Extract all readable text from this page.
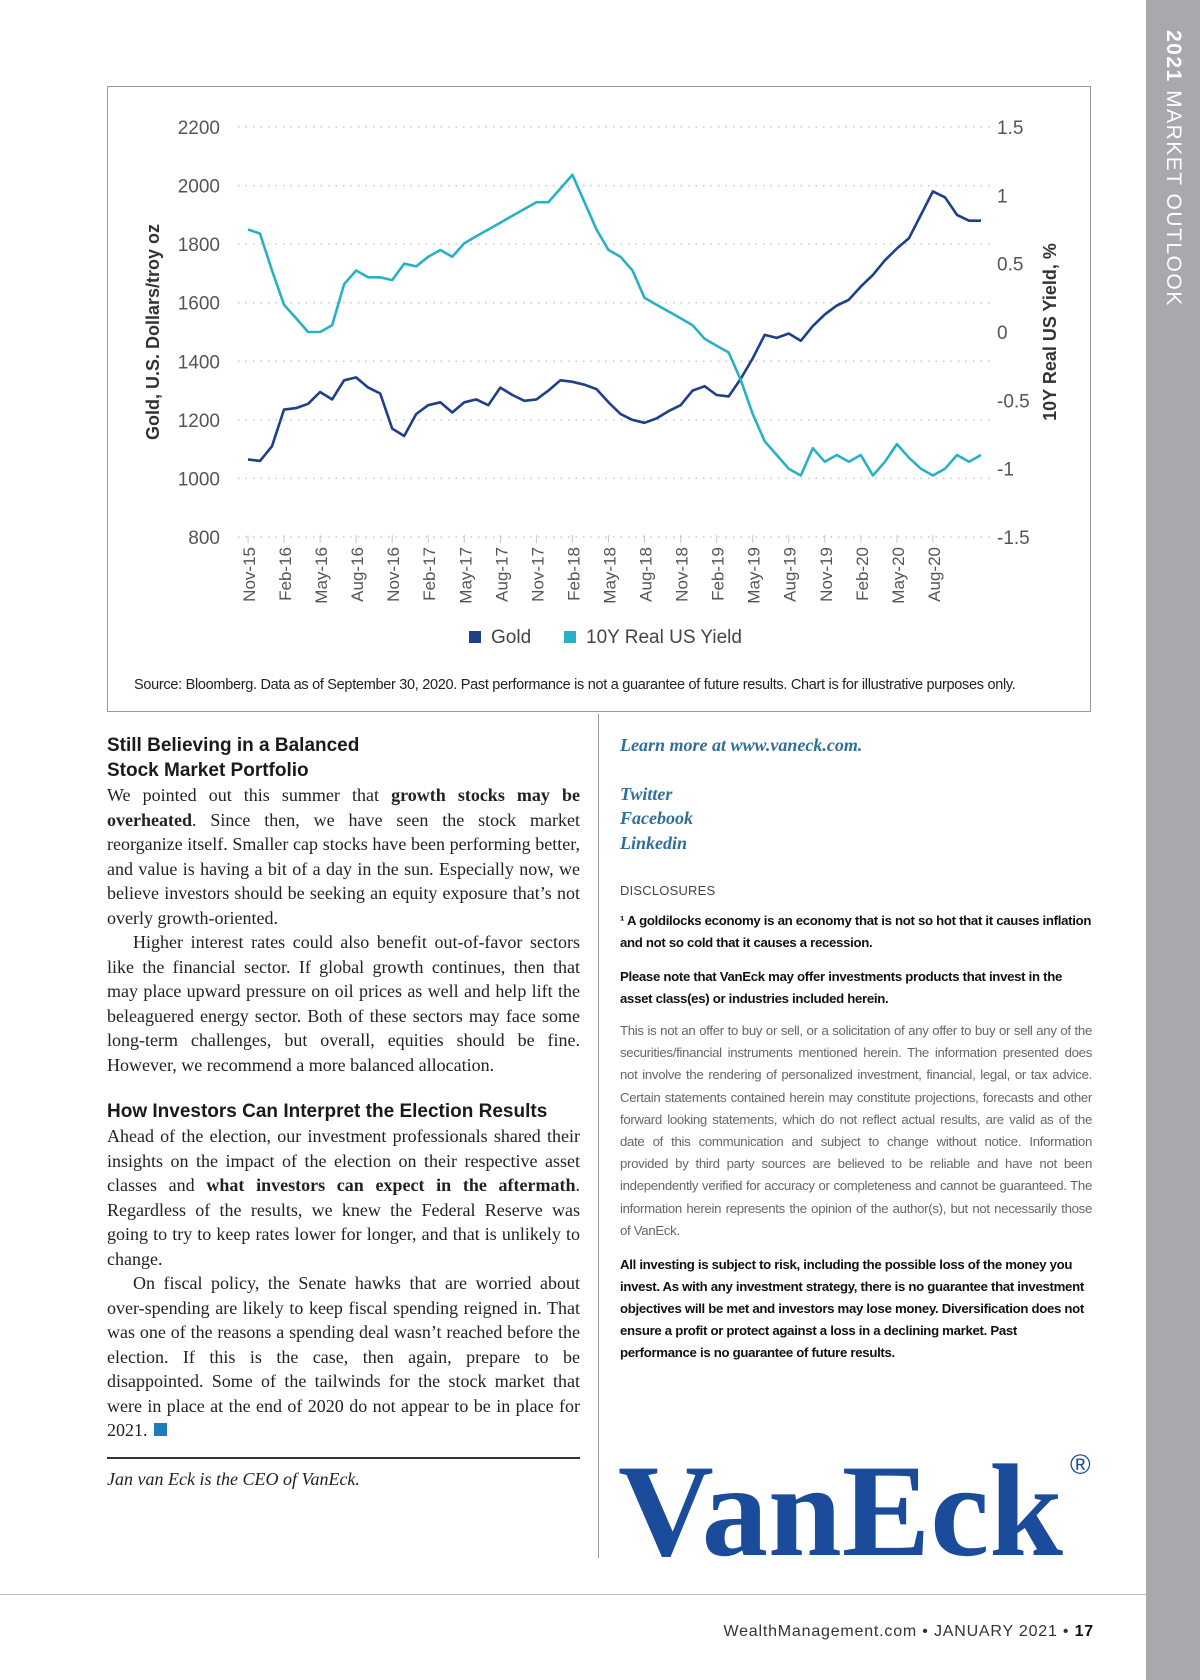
2021 MARKET OUTLOOK
2200
2000
1800
1600
1400
1200
1000
800
1.5
1
0.5
0
-0.5
-1
-1.5
Gold, U.S. Dollars/troy oz	10Y Real US Yield, %
Nov-15 Feb-16 May-16 Aug-16 Nov-16 Feb-17 May-17 Aug-17 Nov-17 Feb-18 May-18 Aug-18 Nov-18 Feb-19 May-19 Aug-19 Nov-19 Feb-20 May-20 Aug-20
Gold	10Y Real US Yield
Source: Bloomberg. Data as of September 30, 2020. Past performance is not a guarantee of future results. Chart is for illustrative purposes only.
Still Believing in a Balanced
Stock Market Portfolio

We pointed out this summer that growth stocks may be overheated. Since then, we have seen the stock market reorganize itself. Smaller cap stocks have been performing better, and value is having a bit of a day in the sun. Especially now, we believe investors should be seeking an equity exposure that’s not overly growth-oriented.

Higher interest rates could also benefit out-of-favor sectors like the financial sector. If global growth continues, then that may place upward pressure on oil prices as well and help lift the beleaguered energy sector. Both of these sectors may face some long-term challenges, but overall, equities should be fine. However, we recommend a more balanced allocation.

How Investors Can Interpret the Election Results

Ahead of the election, our investment professionals shared their insights on the impact of the election on their respective asset classes and what investors can expect in the aftermath. Regardless of the results, we knew the Federal Reserve was going to try to keep rates lower for longer, and that is unlikely to change.

On fiscal policy, the Senate hawks that are worried about over-spending are likely to keep fiscal spending reigned in. That was one of the reasons a spending deal wasn’t reached before the election. If this is the case, then again, prepare to be disappointed. Some of the tailwinds for the stock market that were in place at the end of 2020 do not appear to be in place for 2021.

Jan van Eck is the CEO of VanEck.
Learn more at www.vaneck.com.
Twitter
Facebook
Linkedin
DISCLOSURES
¹ A goldilocks economy is an economy that is not so hot that it causes inflation and not so cold that it causes a recession.
Please note that VanEck may offer investments products that invest in the asset class(es) or industries included herein.
This is not an offer to buy or sell, or a solicitation of any offer to buy or sell any of the securities/financial instruments mentioned herein. The information presented does not involve the rendering of personalized investment, financial, legal, or tax advice. Certain statements contained herein may constitute projections, forecasts and other forward looking statements, which do not reflect actual results, are valid as of the date of this communication and subject to change without notice. Information provided by third party sources are believed to be reliable and have not been independently verified for accuracy or completeness and cannot be guaranteed. The information herein represents the opinion of the author(s), but not necessarily those of VanEck.
All investing is subject to risk, including the possible loss of the money you invest. As with any investment strategy, there is no guarantee that investment objectives will be met and investors may lose money. Diversification does not ensure a profit or protect against a loss in a declining market. Past performance is no guarantee of future results.
VanEck ®
WealthManagement.com • JANUARY 2021 • 17
